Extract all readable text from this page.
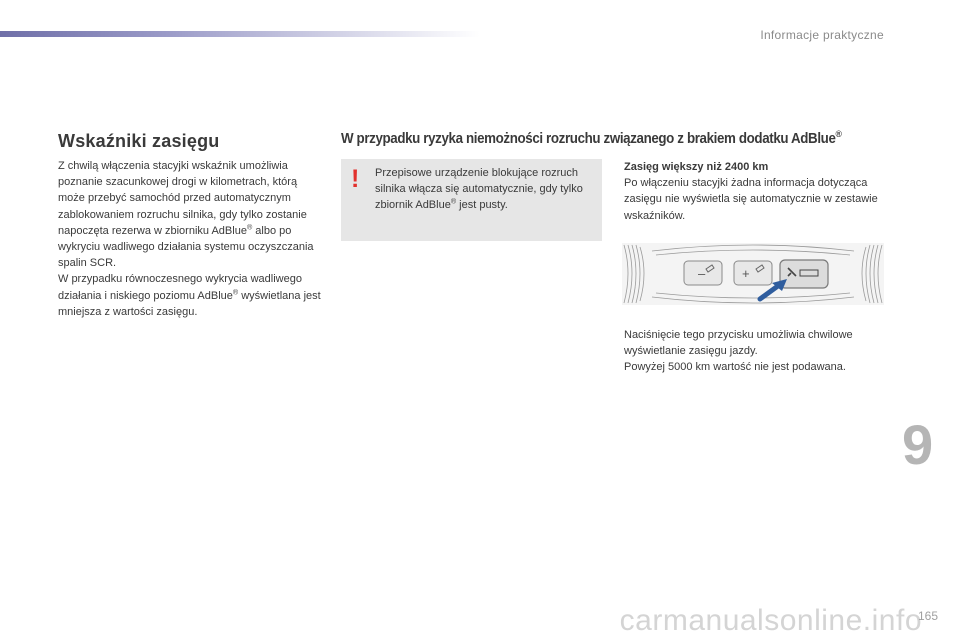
Informacje praktyczne
Wskaźniki zasięgu	W przypadku ryzyka niemożności rozruchu związanego z brakiem dodatku AdBlue®

Z chwilą włączenia stacyjki wskaźnik umożliwia poznanie szacunkowej drogi w kilometrach, którą może przebyć samochód przed automatycznym zablokowaniem rozruchu silnika, gdy tylko zostanie napoczęta rezerwa w zbiorniku AdBlue® albo po wykryciu wadliwego działania systemu oczyszczania spalin SCR.

W przypadku równoczesnego wykrycia wadliwego działania i niskiego poziomu AdBlue® wyświetlana jest mniejsza z wartości zasięgu.

! Przepisowe urządzenie blokujące rozruch silnika włącza się automatycznie, gdy tylko zbiornik AdBlue® jest pusty.

Zasięg większy niż 2400 km

Po włączeniu stacyjki żadna informacja dotycząca zasięgu nie wyświetla się automatycznie w zestawie wskaźników.

–	+

Naciśnięcie tego przycisku umożliwia chwilowe wyświetlanie zasięgu jazdy.

Powyżej 5000 km wartość nie jest podawana.

9
carmanualsonline.info
165
